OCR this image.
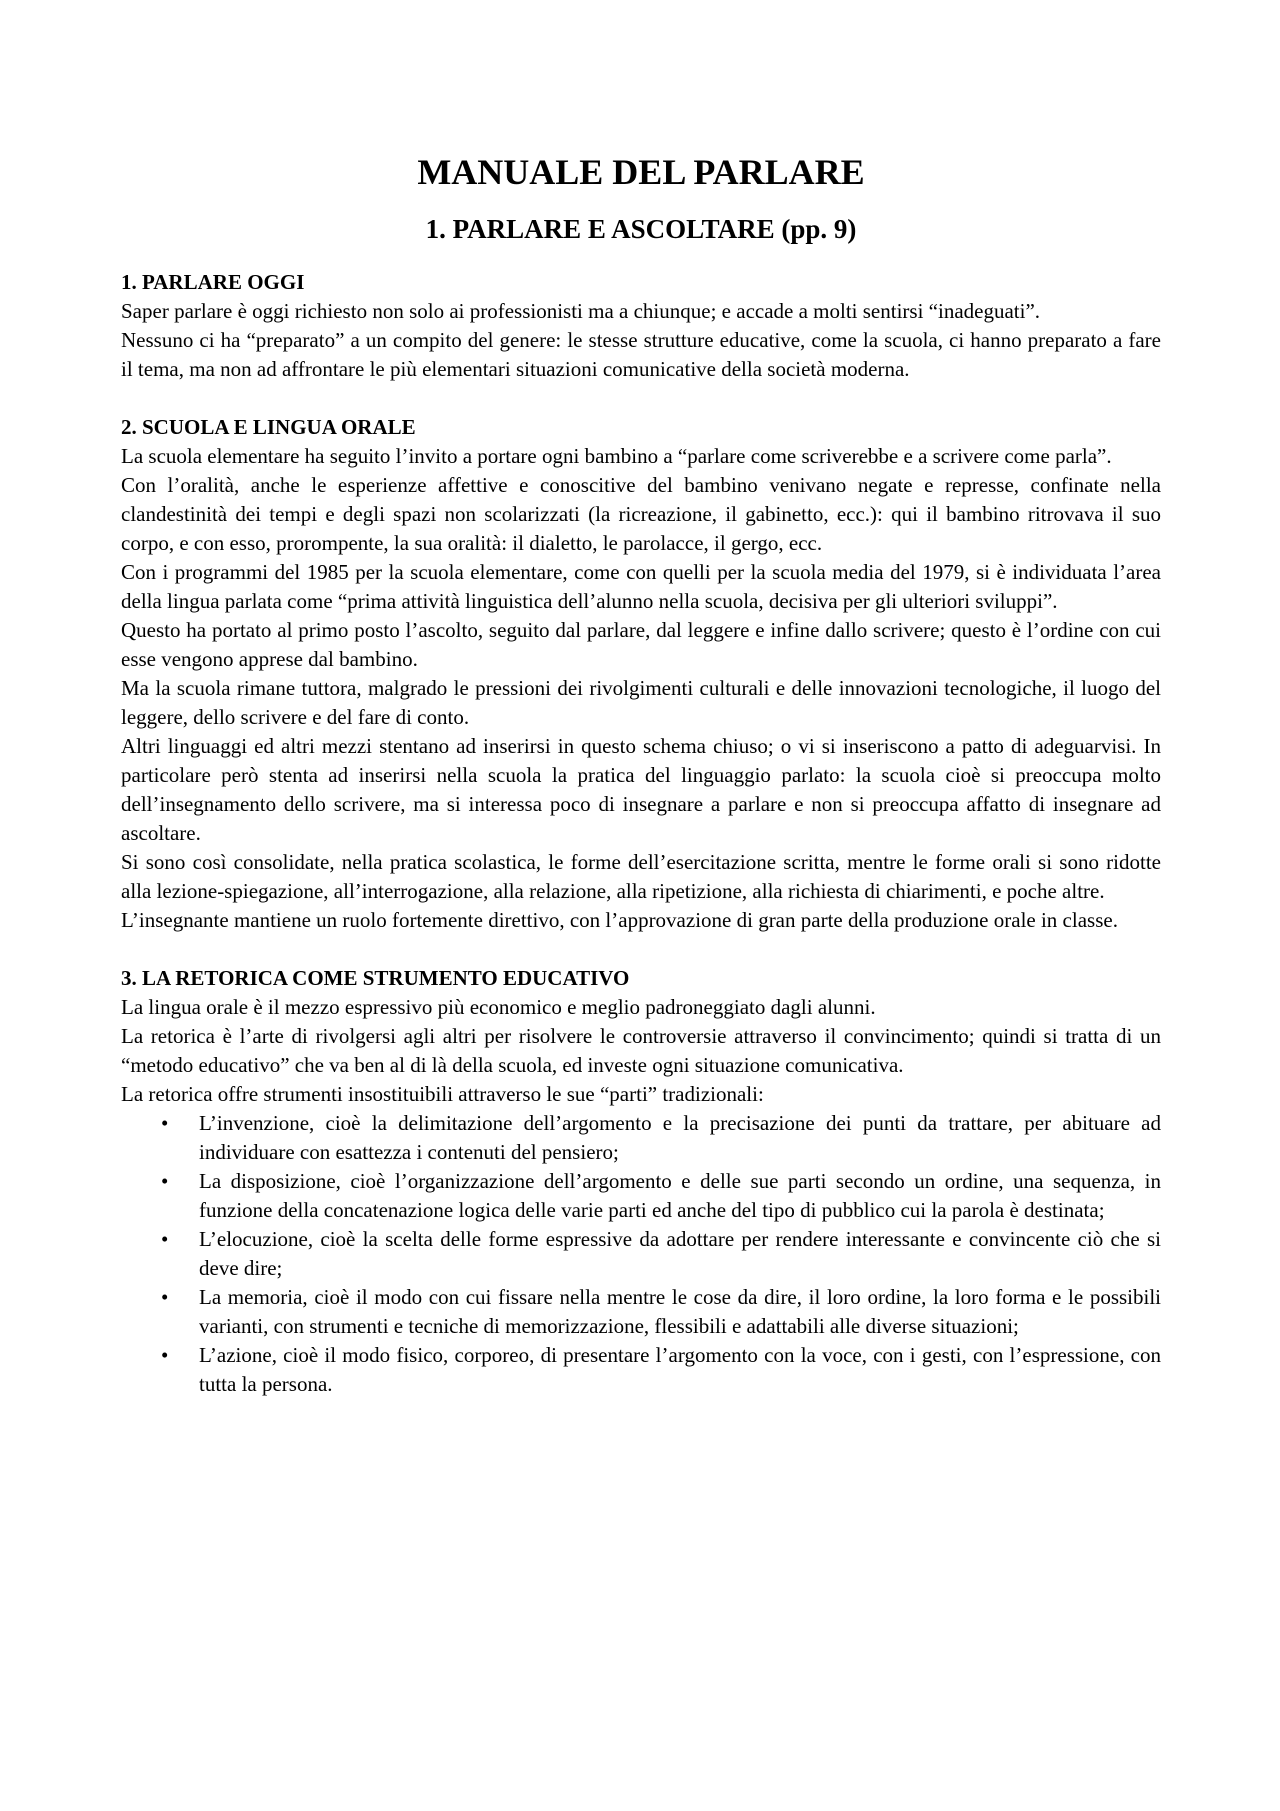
MANUALE DEL PARLARE
1. PARLARE E ASCOLTARE (pp. 9)
1. PARLARE OGGI

Saper parlare è oggi richiesto non solo ai professionisti ma a chiunque; e accade a molti sentirsi “inadeguati”.

Nessuno ci ha “preparato” a un compito del genere: le stesse strutture educative, come la scuola, ci hanno preparato a fare il tema, ma non ad affrontare le più elementari situazioni comunicative della società moderna.

2. SCUOLA E LINGUA ORALE

La scuola elementare ha seguito l’invito a portare ogni bambino a “parlare come scriverebbe e a scrivere come parla”.

Con l’oralità, anche le esperienze affettive e conoscitive del bambino venivano negate e represse, confinate nella clandestinità dei tempi e degli spazi non scolarizzati (la ricreazione, il gabinetto, ecc.): qui il bambino ritrovava il suo corpo, e con esso, prorompente, la sua oralità: il dialetto, le parolacce, il gergo, ecc.

Con i programmi del 1985 per la scuola elementare, come con quelli per la scuola media del 1979, si è individuata l’area della lingua parlata come “prima attività linguistica dell’alunno nella scuola, decisiva per gli ulteriori sviluppi”.

Questo ha portato al primo posto l’ascolto, seguito dal parlare, dal leggere e infine dallo scrivere; questo è l’ordine con cui esse vengono apprese dal bambino.

Ma la scuola rimane tuttora, malgrado le pressioni dei rivolgimenti culturali e delle innovazioni tecnologiche, il luogo del leggere, dello scrivere e del fare di conto.

Altri linguaggi ed altri mezzi stentano ad inserirsi in questo schema chiuso; o vi si inseriscono a patto di adeguarvisi. In particolare però stenta ad inserirsi nella scuola la pratica del linguaggio parlato: la scuola cioè si preoccupa molto dell’insegnamento dello scrivere, ma si interessa poco di insegnare a parlare e non si preoccupa affatto di insegnare ad ascoltare.

Si sono così consolidate, nella pratica scolastica, le forme dell’esercitazione scritta, mentre le forme orali si sono ridotte alla lezione-spiegazione, all’interrogazione, alla relazione, alla ripetizione, alla richiesta di chiarimenti, e poche altre.

L’insegnante mantiene un ruolo fortemente direttivo, con l’approvazione di gran parte della produzione orale in classe.

3. LA RETORICA COME STRUMENTO EDUCATIVO

La lingua orale è il mezzo espressivo più economico e meglio padroneggiato dagli alunni.

La retorica è l’arte di rivolgersi agli altri per risolvere le controversie attraverso il convincimento; quindi si tratta di un “metodo educativo” che va ben al di là della scuola, ed investe ogni situazione comunicativa.

La retorica offre strumenti insostituibili attraverso le sue “parti” tradizionali:

• L’invenzione, cioè la delimitazione dell’argomento e la precisazione dei punti da trattare, per abituare ad individuare con esattezza i contenuti del pensiero;
• La disposizione, cioè l’organizzazione dell’argomento e delle sue parti secondo un ordine, una sequenza, in funzione della concatenazione logica delle varie parti ed anche del tipo di pubblico cui la parola è destinata;
• L’elocuzione, cioè la scelta delle forme espressive da adottare per rendere interessante e convincente ciò che si deve dire;
• La memoria, cioè il modo con cui fissare nella mentre le cose da dire, il loro ordine, la loro forma e le possibili varianti, con strumenti e tecniche di memorizzazione, flessibili e adattabili alle diverse situazioni;
• L’azione, cioè il modo fisico, corporeo, di presentare l’argomento con la voce, con i gesti, con l’espressione, con tutta la persona.
